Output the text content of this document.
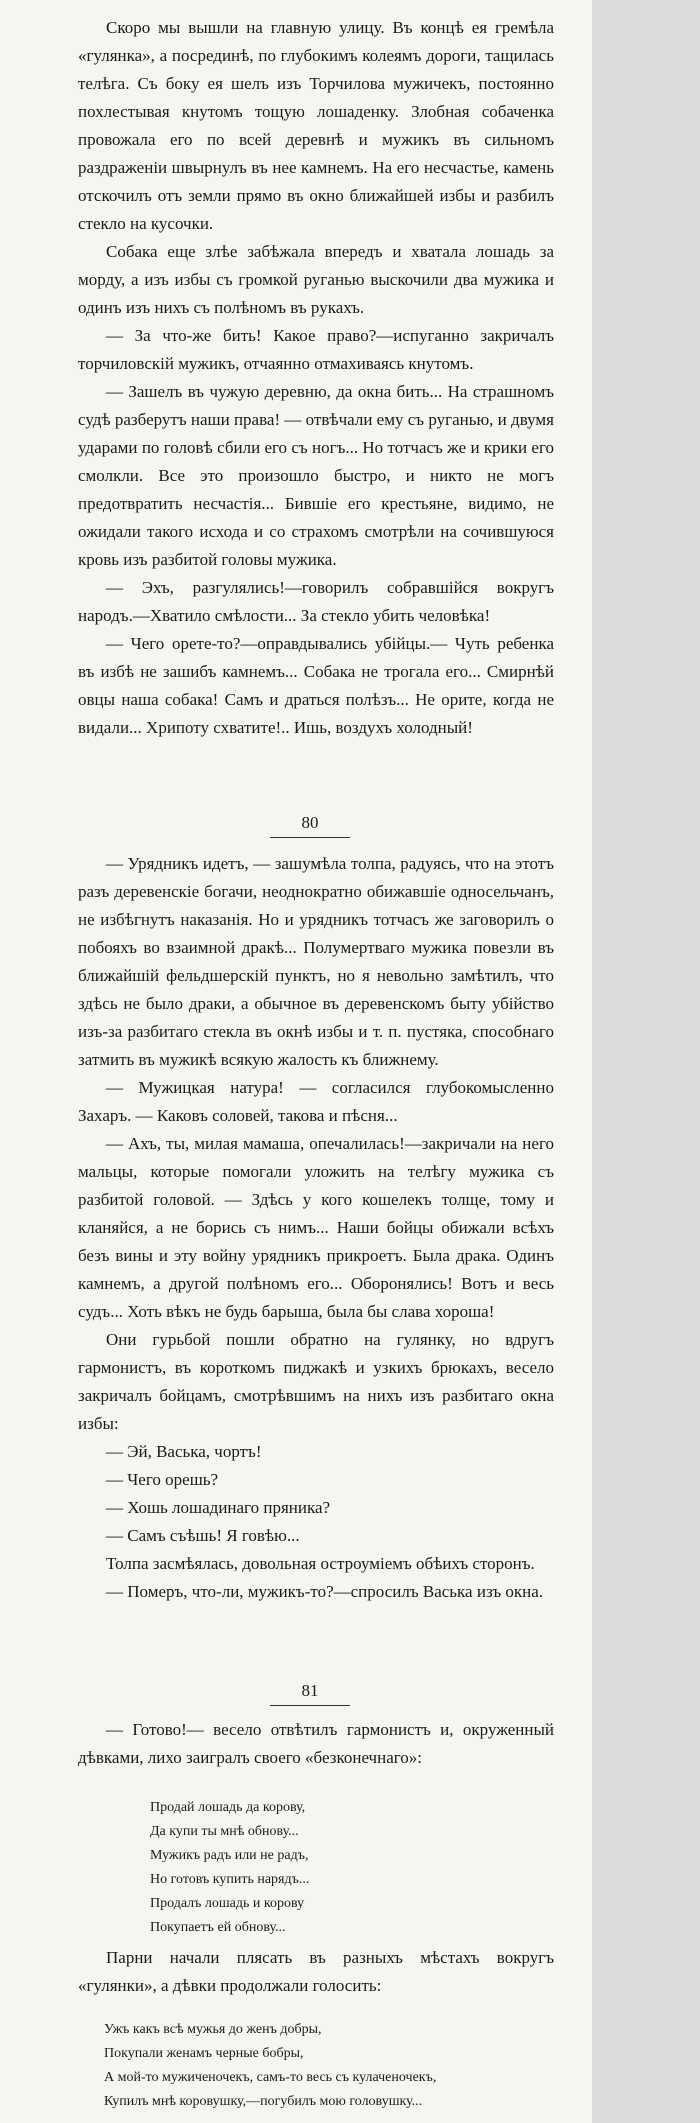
Скоро мы вышли на главную улицу. Въ концѣ ея гремѣла «гулянка», а посрединѣ, по глубокимъ колеямъ дороги, тащилась телѣга. Съ боку ея шелъ изъ Торчилова мужичекъ, постоянно похлестывая кнутомъ тощую лошаденку. Злобная собаченка провожала его по всей деревнѣ и мужикъ въ сильномъ раздраженіи швырнулъ въ нее камнемъ. На его несчастье, камень отскочилъ отъ земли прямо въ окно ближайшей избы и разбилъ стекло на кусочки.

Собака еще злѣе забѣжала впередъ и хватала лошадь за морду, а изъ избы съ громкой руганью выскочили два мужика и одинъ изъ нихъ съ полѣномъ въ рукахъ.

— За что-же бить! Какое право?—испуганно закричалъ торчиловскій мужикъ, отчаянно отмахиваясь кнутомъ.

— Зашелъ въ чужую деревню, да окна бить... На страшномъ судѣ разберутъ наши права! — отвѣчали ему съ руганью, и двумя ударами по головѣ сбили его съ ногъ... Но тотчасъ же и крики его смолкли. Все это произошло быстро, и никто не могъ предотвратить несчастія... Бившіе его крестьяне, видимо, не ожидали такого исхода и со страхомъ смотрѣли на сочившуюся кровь изъ разбитой головы мужика.

— Эхъ, разгулялись!—говорилъ собравшійся вокругъ народъ.—Хватило смѣлости... За стекло убить человѣка!

— Чего орете-то?—оправдывались убійцы.— Чуть ребенка въ избѣ не зашибъ камнемъ... Собака не трогала его... Смирнѣй овцы наша собака! Самъ и драться полѣзъ... Не орите, когда не видали... Хрипоту схватите!.. Ишь, воздухъ холодный!

80

— Урядникъ идетъ, — зашумѣла толпа, радуясь, что на этотъ разъ деревенскіе богачи, неоднократно обижавшіе односельчанъ, не избѣгнутъ наказанія. Но и урядникъ тотчасъ же заговорилъ о побояхъ во взаимной дракѣ... Полумертваго мужика повезли въ ближайшій фельдшерскій пунктъ, но я невольно замѣтилъ, что здѣсь не было драки, а обычное въ деревенскомъ быту убійство изъ-за разбитаго стекла въ окнѣ избы и т. п. пустяка, способнаго затмить въ мужикѣ всякую жалость къ ближнему.

— Мужицкая натура! — согласился глубокомысленно Захаръ. — Каковъ соловей, такова и пѣсня...

— Ахъ, ты, милая мамаша, опечалилась!—закричали на него мальцы, которые помогали уложить на телѣгу мужика съ разбитой головой. — Здѣсь у кого кошелекъ толще, тому и кланяйся, а не борись съ нимъ... Наши бойцы обижали всѣхъ безъ вины и эту войну урядникъ прикроетъ. Была драка. Одинъ камнемъ, а другой полѣномъ его... Оборонялись! Вотъ и весь судъ... Хоть вѣкъ не будь барыша, была бы слава хороша!

Они гурьбой пошли обратно на гулянку, но вдругъ гармонистъ, въ короткомъ пиджакѣ и узкихъ брюкахъ, весело закричалъ бойцамъ, смотрѣвшимъ на нихъ изъ разбитаго окна избы:

— Эй, Васька, чортъ!

— Чего орешь?

— Хошь лошадинаго пряника?

— Самъ съѣшь! Я говѣю...

Толпа засмѣялась, довольная остроуміемъ обѣихъ сторонъ.

— Померъ, что-ли, мужикъ-то?—спросилъ Васька изъ окна.

81

— Готово!— весело отвѣтилъ гармонистъ и, окруженный дѣвками, лихо заигралъ своего «безконечнаго»:

Продай лошадь да корову,
Да купи ты мнѣ обнову...
Мужикъ радъ или не радъ,
Но готовъ купить нарядъ...
Продалъ лошадь и корову
Покупаетъ ей обнову...

Парни начали плясать въ разныхъ мѣстахъ вокругъ «гулянки», а дѣвки продолжали голосить:

Ужъ какъ всѣ мужья до женъ добры,
Покупали женамъ черные бобры,
А мой-то мужиченочекъ, самъ-то весь съ кулаченочекъ,
Купилъ мнѣ коровушку,—погубилъ мою головушку...
